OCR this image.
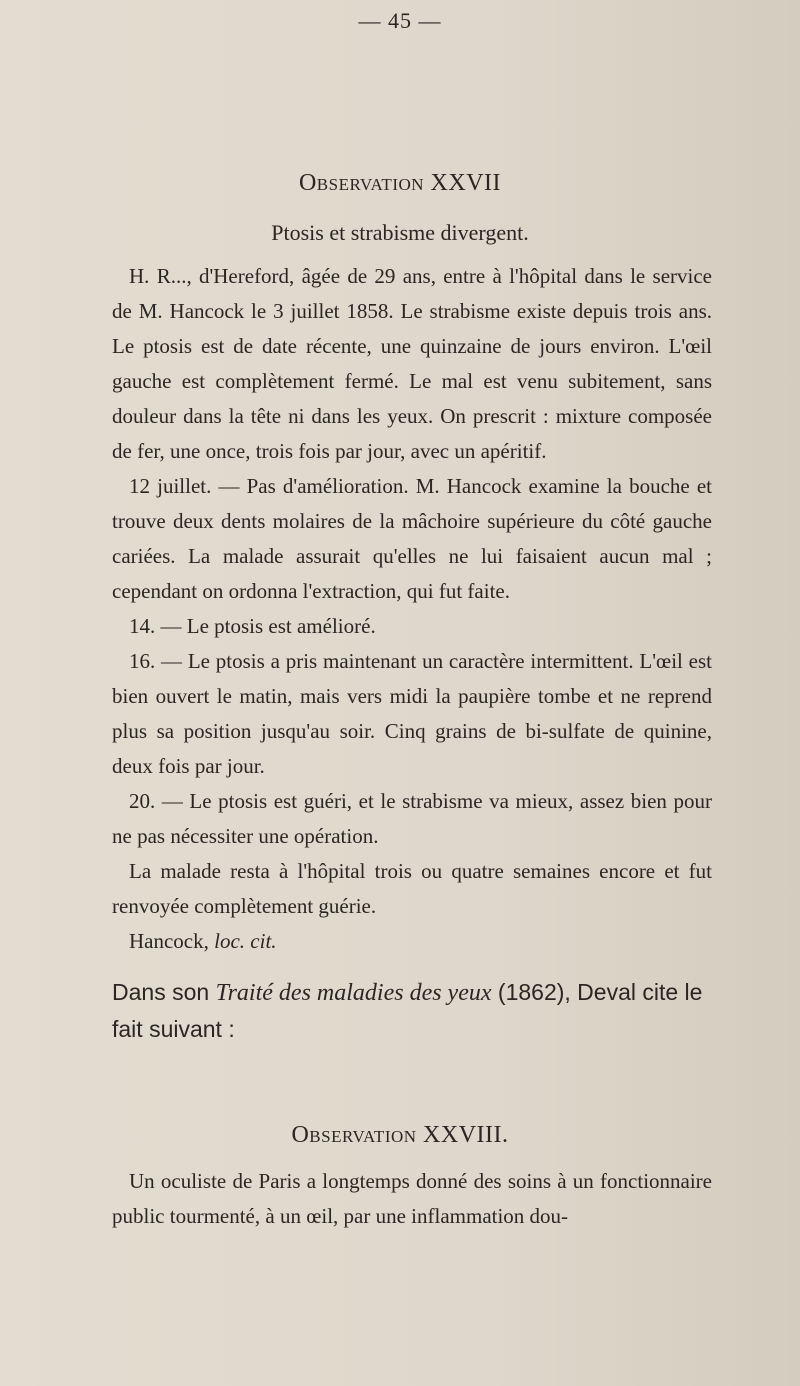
— 45 —
Observation XXVII
Ptosis et strabisme divergent.

H. R..., d'Hereford, âgée de 29 ans, entre à l'hôpital dans le service de M. Hancock le 3 juillet 1858. Le strabisme existe depuis trois ans. Le ptosis est de date récente, une quinzaine de jours environ. L'œil gauche est complètement fermé. Le mal est venu subitement, sans douleur dans la tête ni dans les yeux. On prescrit : mixture composée de fer, une once, trois fois par jour, avec un apéritif.

12 juillet. — Pas d'amélioration. M. Hancock examine la bouche et trouve deux dents molaires de la mâchoire supérieure du côté gauche cariées. La malade assurait qu'elles ne lui faisaient aucun mal ; cependant on ordonna l'extraction, qui fut faite.

14. — Le ptosis est amélioré.

16. — Le ptosis a pris maintenant un caractère intermittent. L'œil est bien ouvert le matin, mais vers midi la paupière tombe et ne reprend plus sa position jusqu'au soir. Cinq grains de bi-sulfate de quinine, deux fois par jour.

20. — Le ptosis est guéri, et le strabisme va mieux, assez bien pour ne pas nécessiter une opération.

La malade resta à l'hôpital trois ou quatre semaines encore et fut renvoyée complètement guérie.

Hancock, loc. cit.

Dans son Traité des maladies des yeux (1862), Deval cite le fait suivant :
Observation XXVIII.

Un oculiste de Paris a longtemps donné des soins à un fonctionnaire public tourmenté, à un œil, par une inflammation dou-
